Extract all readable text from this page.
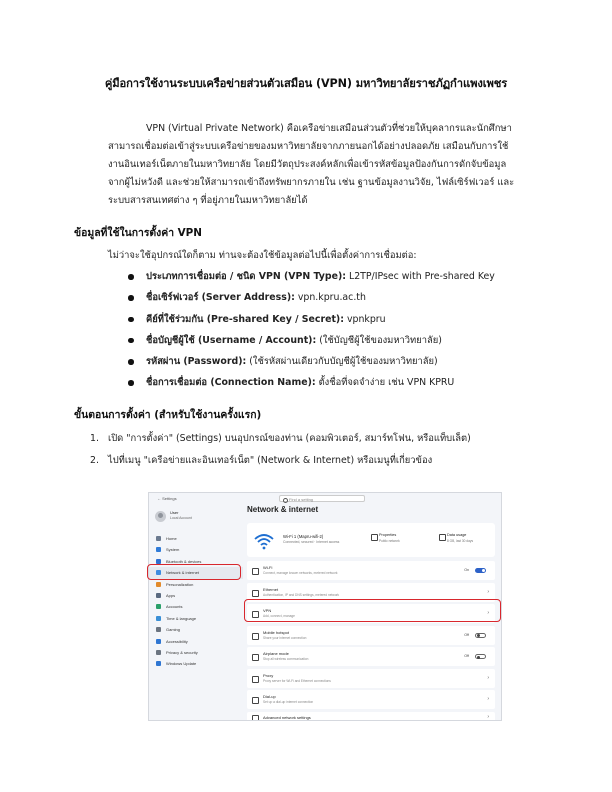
คู่มือการใช้งานระบบเครือข่ายส่วนตัวเสมือน (VPN) มหาวิทยาลัยราชภัฏกำแพงเพชร
VPN (Virtual Private Network) คือเครือข่ายเสมือนส่วนตัวที่ช่วยให้บุคลากรและนักศึกษา
สามารถเชื่อมต่อเข้าสู่ระบบเครือข่ายของมหาวิทยาลัยจากภายนอกได้อย่างปลอดภัย เสมือนกับการใช้
งานอินเทอร์เน็ตภายในมหาวิทยาลัย โดยมีวัตถุประสงค์หลักเพื่อเข้ารหัสข้อมูลป้องกันการดักจับข้อมูล
จากผู้ไม่หวังดี และช่วยให้สามารถเข้าถึงทรัพยากรภายใน เช่น ฐานข้อมูลงานวิจัย, ไฟล์เซิร์ฟเวอร์ และ
ระบบสารสนเทศต่าง ๆ ที่อยู่ภายในมหาวิทยาลัยได้
ข้อมูลที่ใช้ในการตั้งค่า VPN
ไม่ว่าจะใช้อุปกรณ์ใดก็ตาม ท่านจะต้องใช้ข้อมูลต่อไปนี้เพื่อตั้งค่าการเชื่อมต่อ:
ประเภทการเชื่อมต่อ / ชนิด VPN (VPN Type): L2TP/IPsec with Pre-shared Key
ชื่อเซิร์ฟเวอร์ (Server Address): vpn.kpru.ac.th
คีย์ที่ใช้ร่วมกัน (Pre-shared Key / Secret): vpnkpru
ชื่อบัญชีผู้ใช้ (Username / Account): (ใช้บัญชีผู้ใช้ของมหาวิทยาลัย)
รหัสผ่าน (Password): (ใช้รหัสผ่านเดียวกับบัญชีผู้ใช้ของมหาวิทยาลัย)
ชื่อการเชื่อมต่อ (Connection Name): ตั้งชื่อที่จดจำง่าย เช่น VPN KPRU
ขั้นตอนการตั้งค่า (สำหรับใช้งานครั้งแรก)
1. เปิด "การตั้งค่า" (Settings) บนอุปกรณ์ของท่าน (คอมพิวเตอร์, สมาร์ทโฟน, หรือแท็บเล็ต)
2. ไปที่เมนู "เครือข่ายและอินเทอร์เน็ต" (Network & Internet) หรือเมนูที่เกี่ยวข้อง
← Settings
User
Local Account
Home
System
Bluetooth & devices
Network & internet
Personalization
Apps
Accounts
Time & language
Gaming
Accessibility
Privacy & security
Windows Update
Find a setting
Network & internet
Wi-Fi 1 (Mapru-wifi-2)
Connected, secured · Internet access
Properties
Public network
Data usage
8 GB, last 30 days
Wi-Fi
Connect, manage known networks, metered network
On
Ethernet
Authentication, IP and DNS settings, metered network	›
VPN
Add, connect, manage	›
Mobile hotspot
Share your internet connection
Off
Airplane mode
Stop all wireless communication
Off
Proxy
Proxy server for Wi-Fi and Ethernet connections	›
Dial-up
Set up a dial-up internet connection	›
Advanced network settings	›
